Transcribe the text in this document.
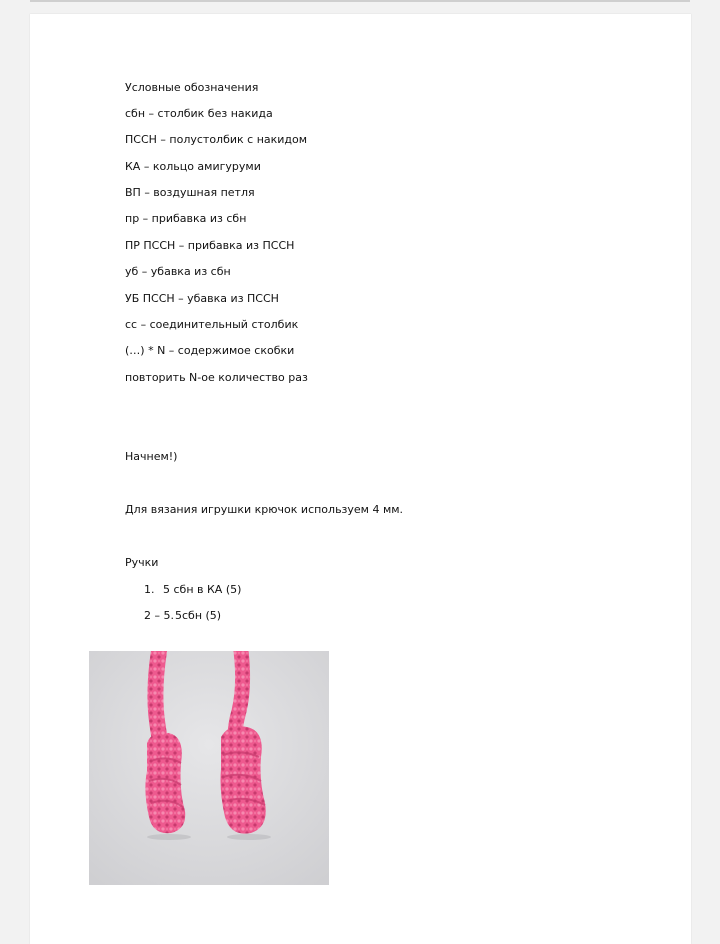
Условные обозначения
сбн – столбик без накида
ПССН – полустолбик с накидом
КА – кольцо амигуруми
ВП – воздушная петля
пр – прибавка из сбн
ПР ПССН – прибавка из ПССН
уб – убавка из сбн
УБ ПССН – убавка из ПССН
сс – соединительный столбик
(…) * N – содержимое скобки
повторить N-ое количество раз
Начнем!)
Для вязания игрушки крючок используем 4 мм.
Ручки
1. 5 сбн в КА (5)
2 – 5. 5сбн (5)
